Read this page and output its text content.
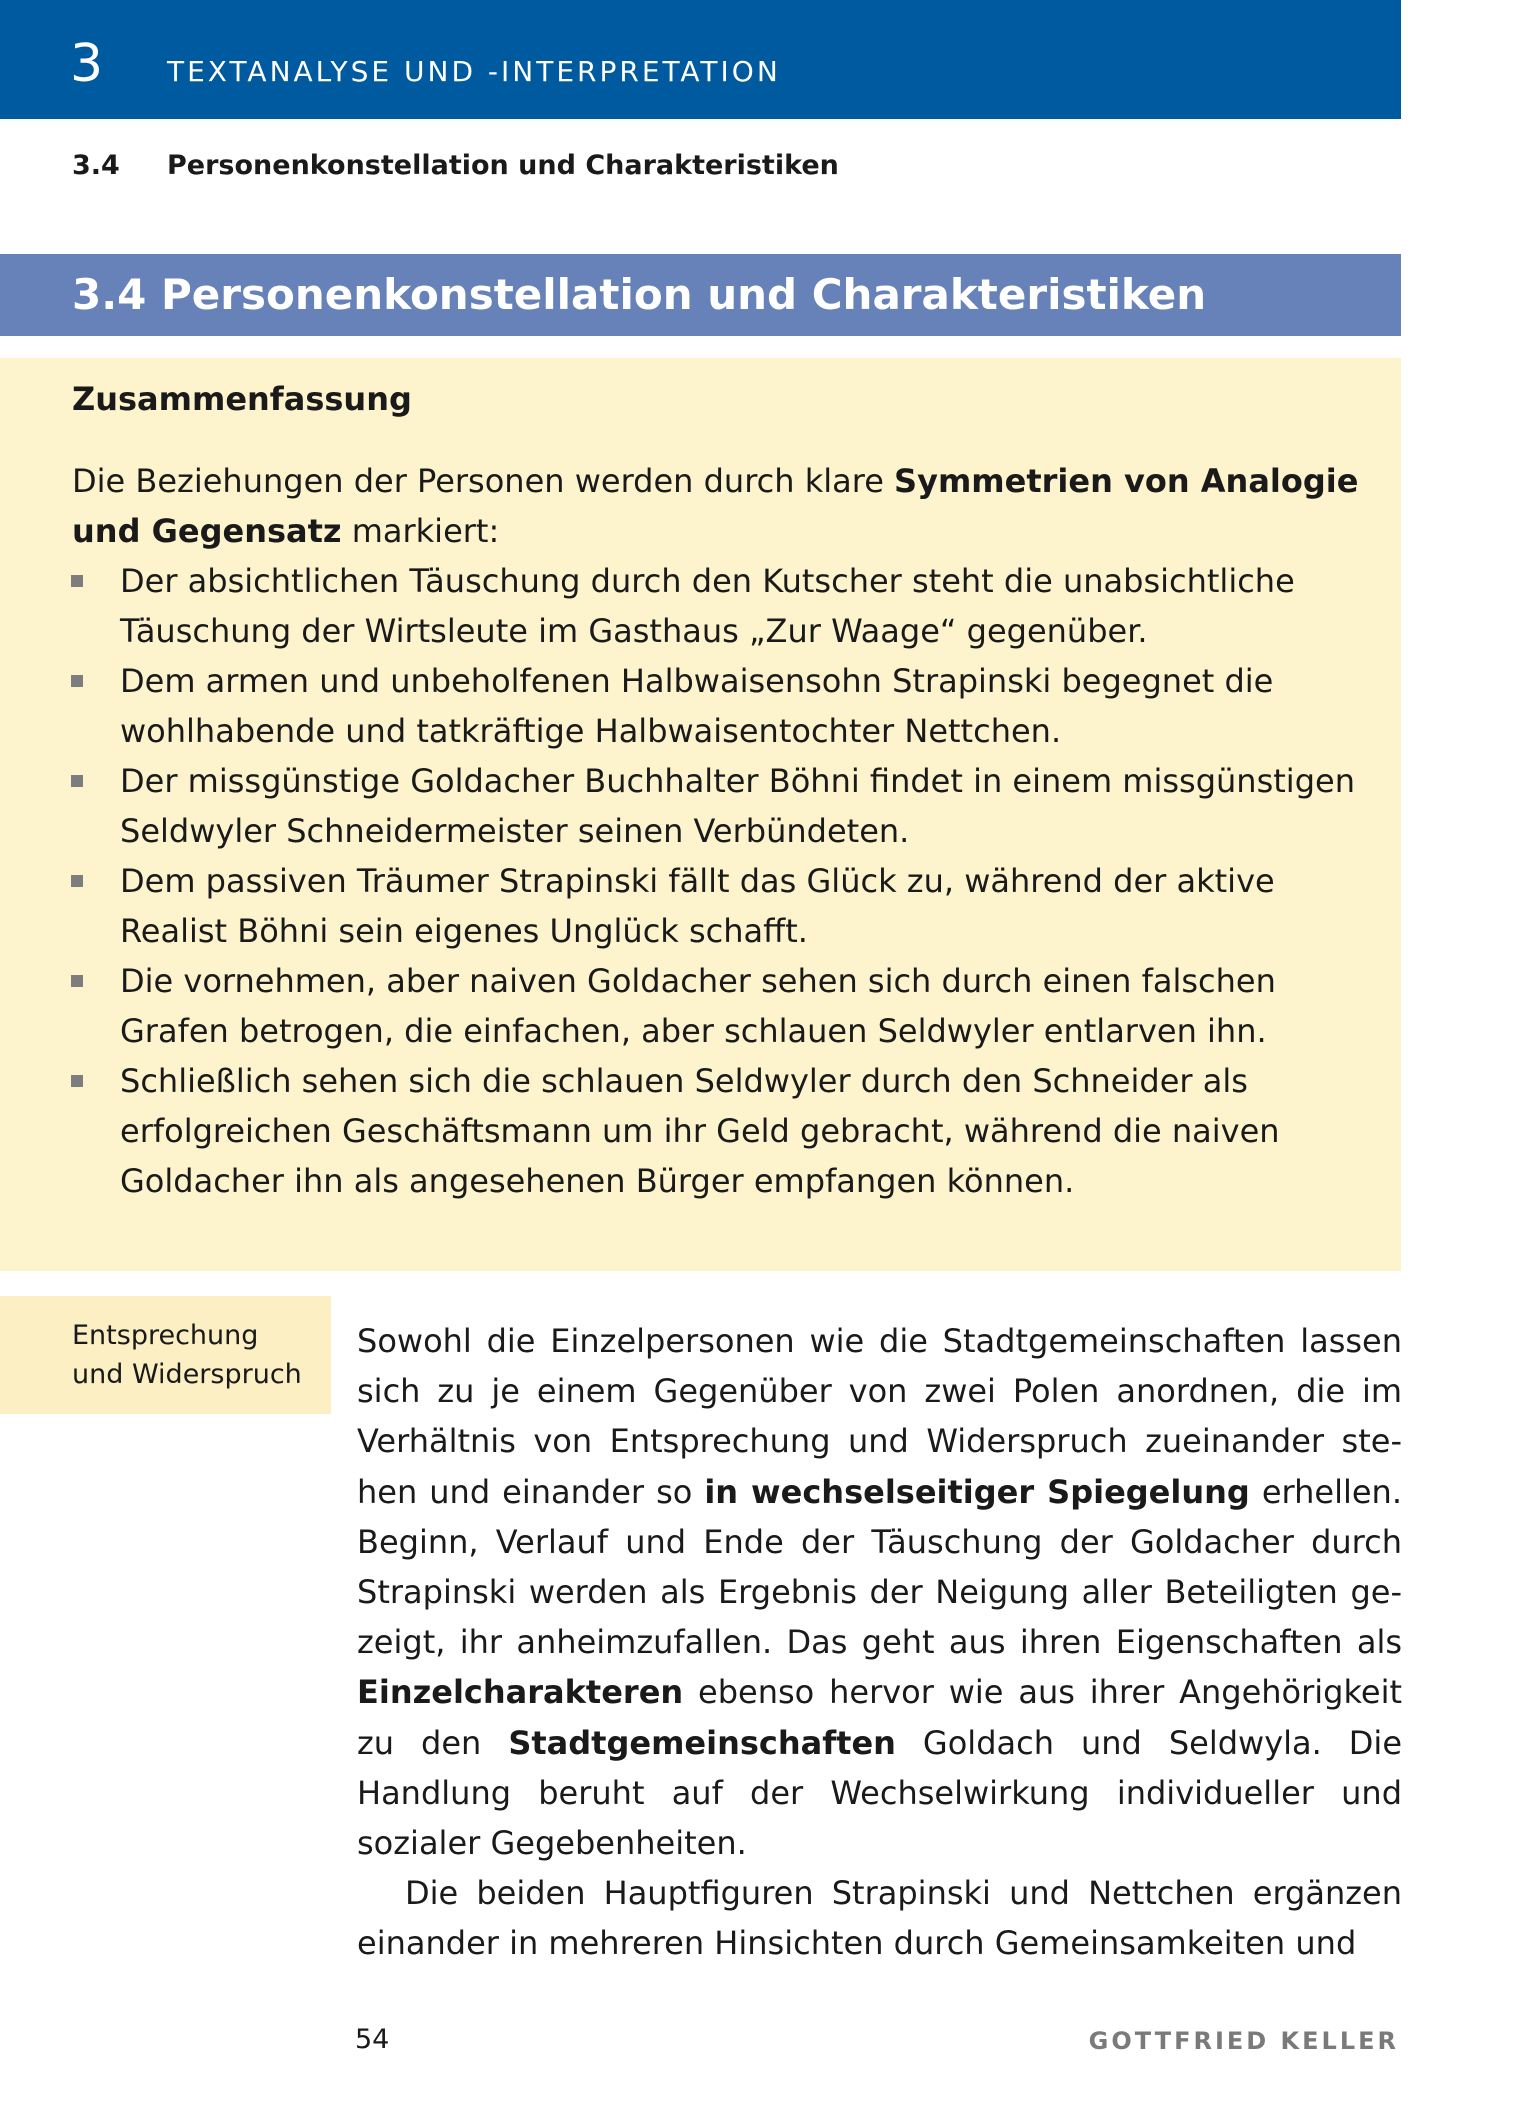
3 TEXTANALYSE UND -INTERPRETATION
3.4 Personenkonstellation und Charakteristiken
3.4 Personenkonstellation und Charakteristiken
Zusammenfassung

Die Beziehungen der Personen werden durch klare Symmetrien von Analogie und Gegensatz markiert:

Der absichtlichen Täuschung durch den Kutscher steht die unabsichtliche Täuschung der Wirtsleute im Gasthaus „Zur Waage“ gegenüber.
Dem armen und unbeholfenen Halbwaisensohn Strapinski begegnet die wohlhabende und tatkräftige Halbwaisentochter Nettchen.
Der missgünstige Goldacher Buchhalter Böhni findet in einem missgünstigen Seldwyler Schneidermeister seinen Verbündeten.
Dem passiven Träumer Strapinski fällt das Glück zu, während der aktive Realist Böhni sein eigenes Unglück schafft.
Die vornehmen, aber naiven Goldacher sehen sich durch einen falschen Grafen betrogen, die einfachen, aber schlauen Seldwyler entlarven ihn.
Schließlich sehen sich die schlauen Seldwyler durch den Schneider als erfolgreichen Geschäftsmann um ihr Geld gebracht, während die naiven Goldacher ihn als angesehenen Bürger empfangen können.
Entsprechung
und Widerspruch

Sowohl die Einzelpersonen wie die Stadtgemeinschaften lassen sich zu je einem Gegenüber von zwei Polen anordnen, die im Verhältnis von Entsprechung und Widerspruch zueinander stehen und einander so in wechselseitiger Spiegelung erhellen. Beginn, Verlauf und Ende der Täuschung der Goldacher durch Strapinski werden als Ergebnis der Neigung aller Beteiligten gezeigt, ihr anheimzufallen. Das geht aus ihren Eigenschaften als Einzelcharakteren ebenso hervor wie aus ihrer Angehörigkeit zu den Stadtgemeinschaften Goldach und Seldwyla. Die Handlung beruht auf der Wechselwirkung individueller und sozialer Gegebenheiten.

Die beiden Hauptfiguren Strapinski und Nettchen ergänzen einander in mehreren Hinsichten durch Gemeinsamkeiten und

54	GOTTFRIED KELLER
